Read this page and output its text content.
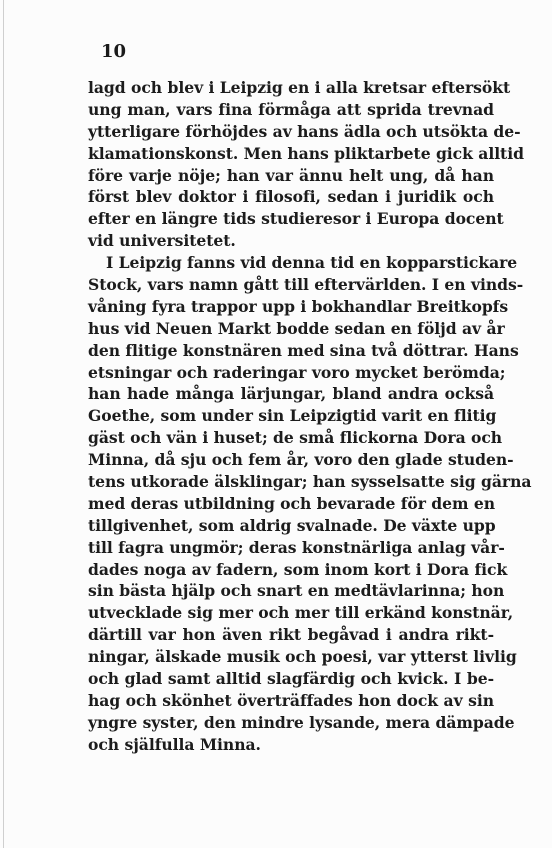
10
lagd och blev i Leipzig en i alla kretsar eftersökt
ung man, vars fina förmåga att sprida trevnad
ytterligare förhöjdes av hans ädla och utsökta de-
klamationskonst. Men hans pliktarbete gick alltid
före varje nöje; han var ännu helt ung, då han
först blev doktor i filosofi, sedan i juridik och
efter en längre tids studieresor i Europa docent
vid universitetet.
I Leipzig fanns vid denna tid en kopparstickare
Stock, vars namn gått till eftervärlden. I en vinds-
våning fyra trappor upp i bokhandlar Breitkopfs
hus vid Neuen Markt bodde sedan en följd av år
den flitige konstnären med sina två döttrar. Hans
etsningar och raderingar voro mycket berömda;
han hade många lärjungar, bland andra också
Goethe, som under sin Leipzigtid varit en flitig
gäst och vän i huset; de små flickorna Dora och
Minna, då sju och fem år, voro den glade studen-
tens utkorade älsklingar; han sysselsatte sig gärna
med deras utbildning och bevarade för dem en
tillgivenhet, som aldrig svalnade. De växte upp
till fagra ungmör; deras konstnärliga anlag vår-
dades noga av fadern, som inom kort i Dora fick
sin bästa hjälp och snart en medtävlarinna; hon
utvecklade sig mer och mer till erkänd konstnär,
därtill var hon även rikt begåvad i andra rikt-
ningar, älskade musik och poesi, var ytterst livlig
och glad samt alltid slagfärdig och kvick. I be-
hag och skönhet överträffades hon dock av sin
yngre syster, den mindre lysande, mera dämpade
och själfulla Minna.
